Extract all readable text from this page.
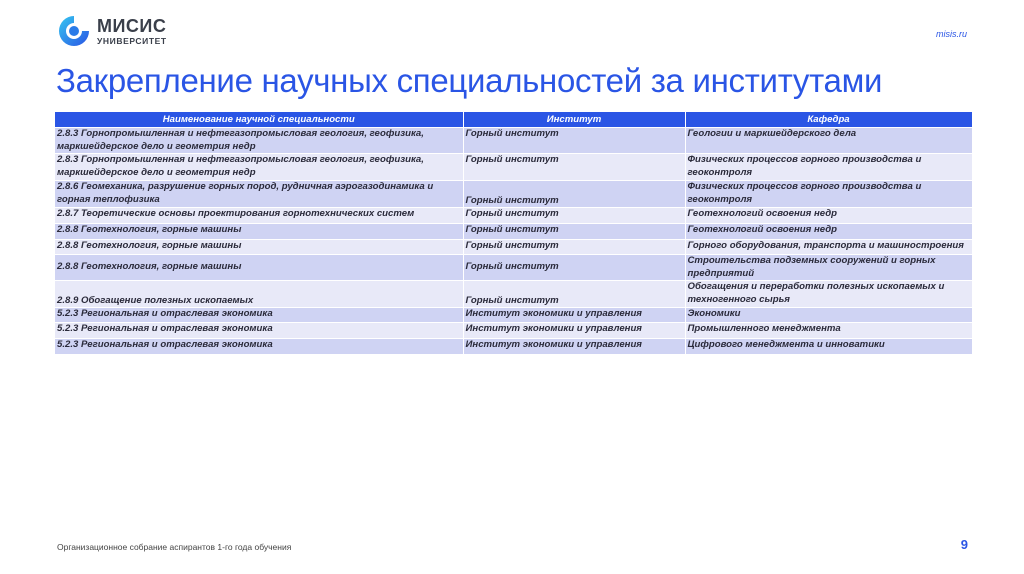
МИСИС
УНИВЕРСИТЕТ
misis.ru
Закрепление научных специальностей за институтами
Наименование научной специальности	Институт	Кафедра
2.8.3 Горнопромышленная и нефтегазопромысловая геология, геофизика, маркшейдерское дело и геометрия недр	Горный институт	Геологии и маркшейдерского дела
2.8.3 Горнопромышленная и нефтегазопромысловая геология, геофизика, маркшейдерское дело и геометрия недр	Горный институт	Физических процессов горного производства и геоконтроля
2.8.6 Геомеханика, разрушение горных пород, рудничная аэрогазодинамика и горная теплофизика	Горный институт	Физических процессов горного производства и геоконтроля
2.8.7 Теоретические основы проектирования горнотехнических систем	Горный институт	Геотехнологий освоения недр
2.8.8 Геотехнология, горные машины	Горный институт	Геотехнологий освоения недр
2.8.8 Геотехнология, горные машины	Горный институт	Горного оборудования, транспорта и машиностроения
2.8.8 Геотехнология, горные машины	Горный институт	Строительства подземных сооружений и горных предприятий
2.8.9 Обогащение полезных ископаемых	Горный институт	Обогащения и переработки полезных ископаемых и техногенного сырья
5.2.3 Региональная и отраслевая экономика	Институт экономики и управления	Экономики
5.2.3 Региональная и отраслевая экономика	Институт экономики и управления	Промышленного менеджмента
5.2.3 Региональная и отраслевая экономика	Институт экономики и управления	Цифрового менеджмента и инноватики
Организационное собрание аспирантов 1-го года обучения	9
